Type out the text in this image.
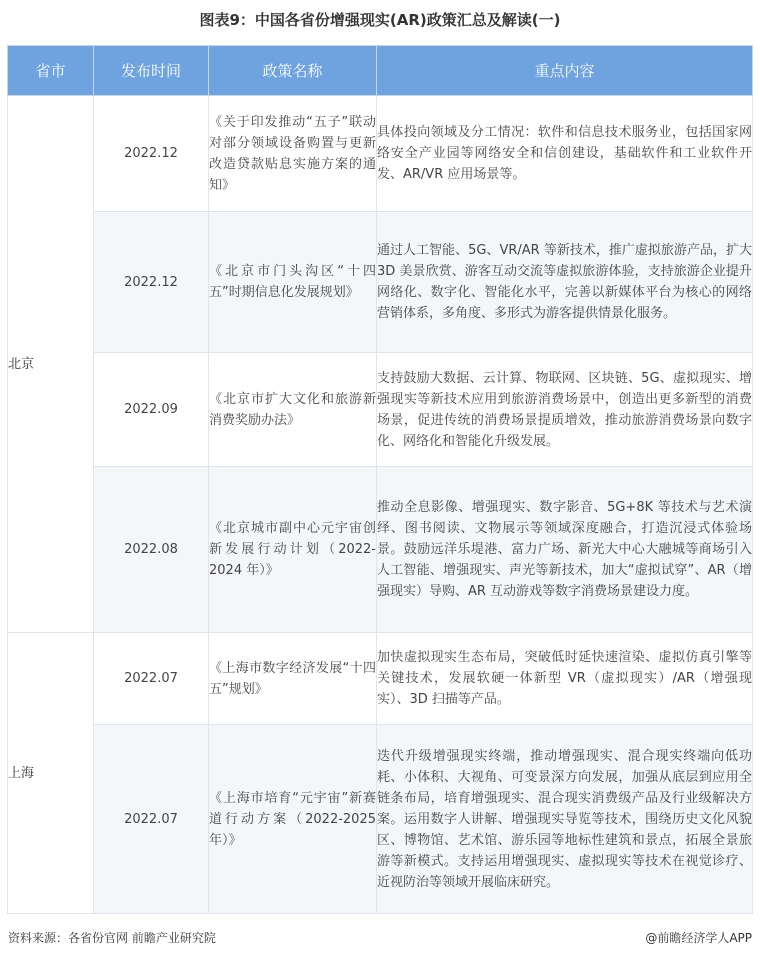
图表9：中国各省份增强现实(AR)政策汇总及解读(一)
省市	发布时间	政策名称	重点内容
北京	2022.12	《关于印发推动“五子”联动对部分领域设备购置与更新改造贷款贴息实施方案的通知》	具体投向领域及分工情况：软件和信息技术服务业，包括国家网络安全产业园等网络安全和信创建设，基础软件和工业软件开发、AR/VR 应用场景等。
	2022.12	《北京市门头沟区“十四五”时期信息化发展规划》	通过人工智能、5G、VR/AR 等新技术，推广虚拟旅游产品，扩大 3D 美景欣赏、游客互动交流等虚拟旅游体验，支持旅游企业提升网络化、数字化、智能化水平，完善以新媒体平台为核心的网络营销体系，多角度、多形式为游客提供情景化服务。
	2022.09	《北京市扩大文化和旅游新消费奖励办法》	支持鼓励大数据、云计算、物联网、区块链、5G、虚拟现实、增强现实等新技术应用到旅游消费场景中，创造出更多新型的消费场景，促进传统的消费场景提质增效，推动旅游消费场景向数字化、网络化和智能化升级发展。
	2022.08	《北京城市副中心元宇宙创新发展行动计划（2022-2024 年）》	推动全息影像、增强现实、数字影音、5G+8K 等技术与艺术演绎、图书阅读、文物展示等领域深度融合，打造沉浸式体验场景。鼓励远洋乐堤港、富力广场、新光大中心大融城等商场引入人工智能、增强现实、声光等新技术，加大“虚拟试穿”、AR（增强现实）导购、AR 互动游戏等数字消费场景建设力度。
上海	2022.07	《上海市数字经济发展“十四五”规划》	加快虚拟现实生态布局，突破低时延快速渲染、虚拟仿真引擎等关键技术，发展软硬一体新型 VR（虚拟现实）/AR（增强现实）、3D 扫描等产品。
	2022.07	《上海市培育“元宇宙”新赛道行动方案（2022-2025 年）》	迭代升级增强现实终端，推动增强现实、混合现实终端向低功耗、小体积、大视角、可变景深方向发展，加强从底层到应用全链条布局，培育增强现实、混合现实消费级产品及行业级解决方案。运用数字人讲解、增强现实导览等技术，围绕历史文化风貌区、博物馆、艺术馆、游乐园等地标性建筑和景点，拓展全景旅游等新模式。支持运用增强现实、虚拟现实等技术在视觉诊疗、近视防治等领域开展临床研究。
资料来源：各省份官网 前瞻产业研究院	@前瞻经济学人APP
